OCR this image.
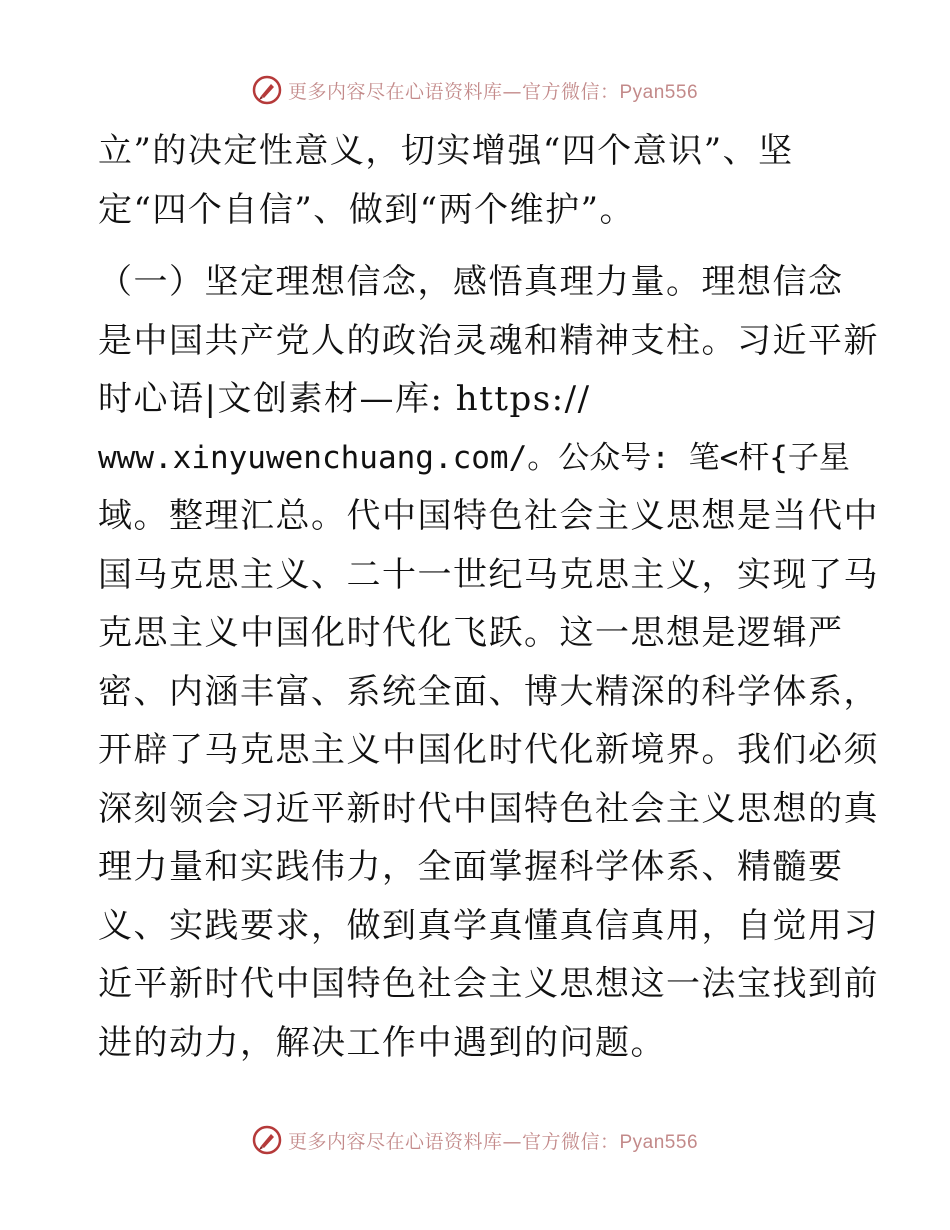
更多内容尽在心语资料库—官方微信：Pyan556
立”的决定性意义，切实增强“四个意识”、坚
定“四个自信”、做到“两个维护”。
（一）坚定理想信念，感悟真理力量。理想信念
是中国共产党人的政治灵魂和精神支柱。习近平新
时心语|文创素材—库: https://
www.xinyuwenchuang.com/。公众号: 笔<杆{子星
域。整理汇总。代中国特色社会主义思想是当代中
国马克思主义、二十一世纪马克思主义，实现了马
克思主义中国化时代化飞跃。这一思想是逻辑严
密、内涵丰富、系统全面、博大精深的科学体系，
开辟了马克思主义中国化时代化新境界。我们必须
深刻领会习近平新时代中国特色社会主义思想的真
理力量和实践伟力，全面掌握科学体系、精髓要
义、实践要求，做到真学真懂真信真用，自觉用习
近平新时代中国特色社会主义思想这一法宝找到前
进的动力，解决工作中遇到的问题。
更多内容尽在心语资料库—官方微信：Pyan556
